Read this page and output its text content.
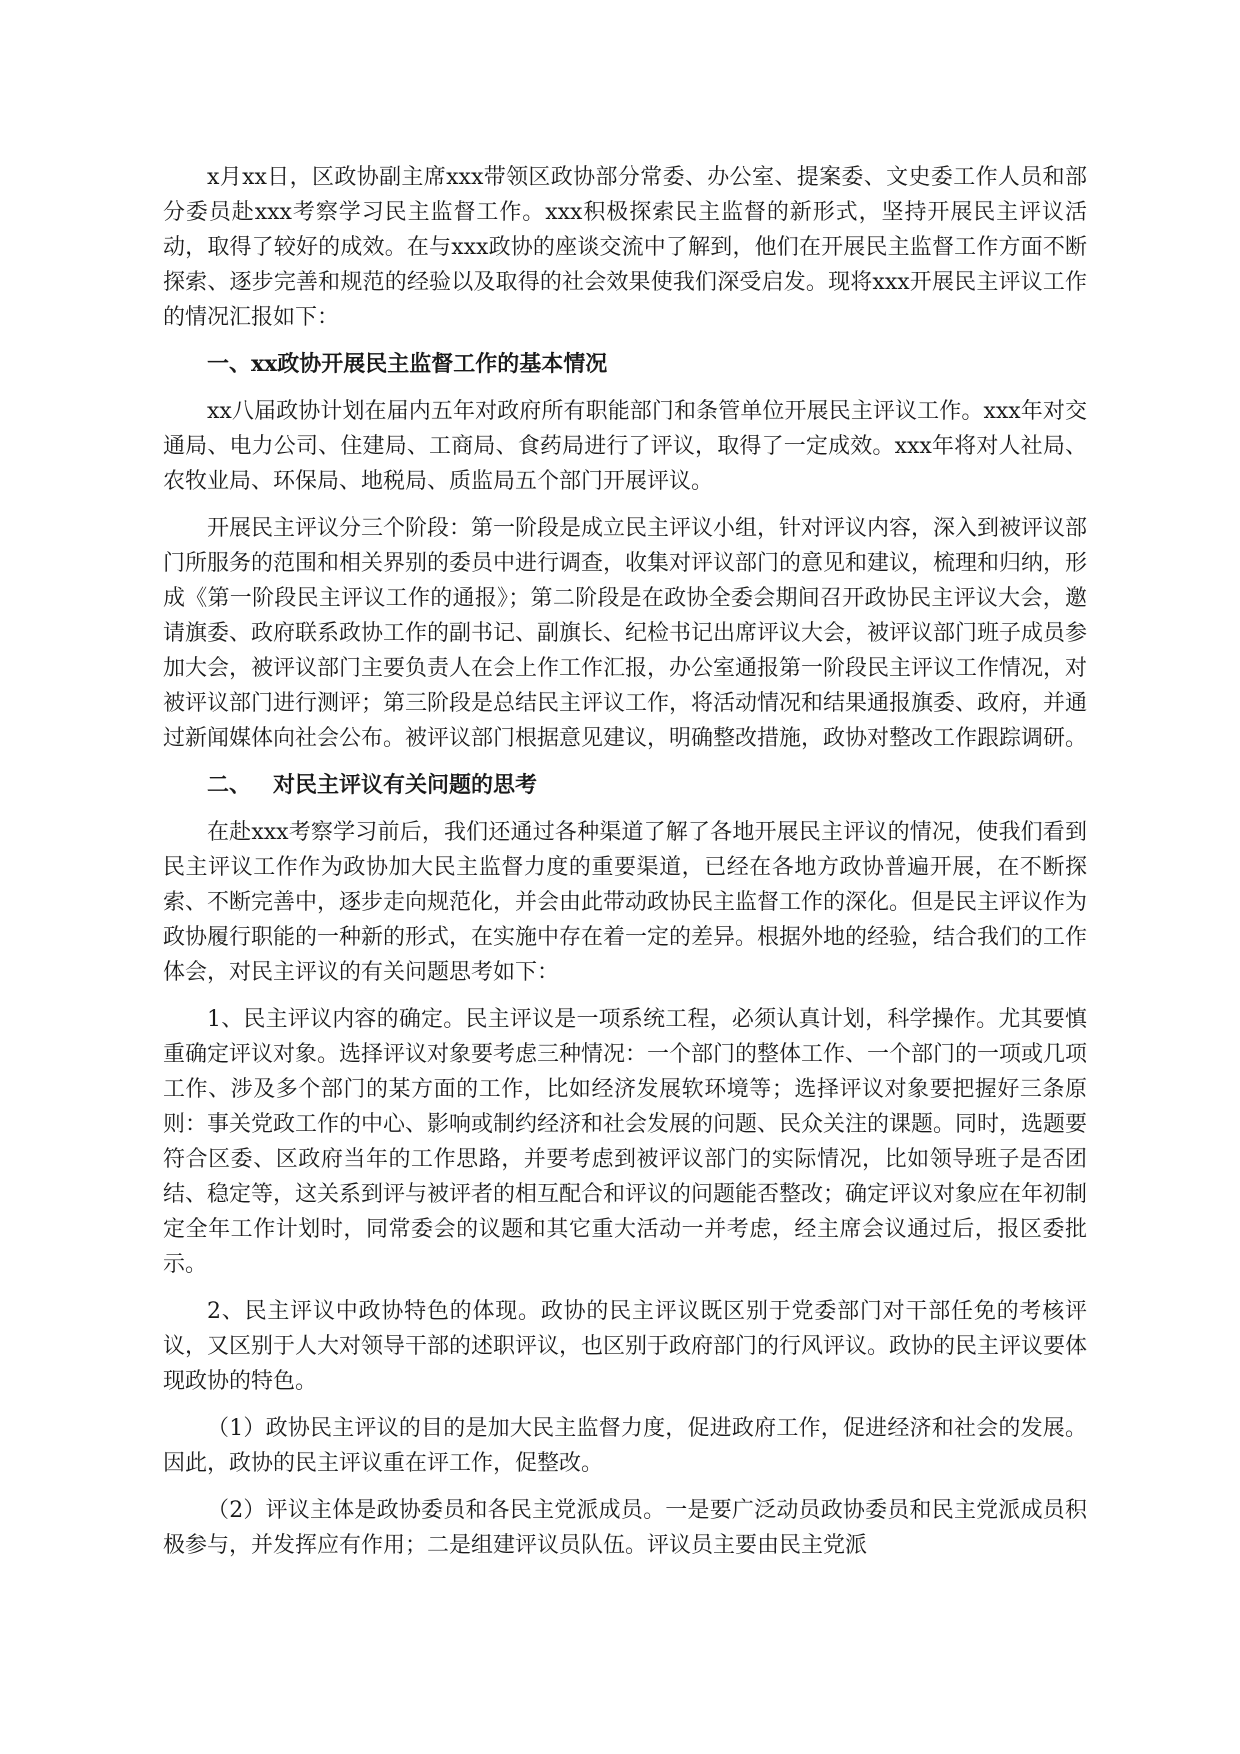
x月xx日，区政协副主席xxx带领区政协部分常委、办公室、提案委、文史委工作人员和部分委员赴xxx考察学习民主监督工作。xxx积极探索民主监督的新形式，坚持开展民主评议活动，取得了较好的成效。在与xxx政协的座谈交流中了解到，他们在开展民主监督工作方面不断探索、逐步完善和规范的经验以及取得的社会效果使我们深受启发。现将xxx开展民主评议工作的情况汇报如下：

一、xx政协开展民主监督工作的基本情况

xx八届政协计划在届内五年对政府所有职能部门和条管单位开展民主评议工作。xxx年对交通局、电力公司、住建局、工商局、食药局进行了评议，取得了一定成效。xxx年将对人社局、农牧业局、环保局、地税局、质监局五个部门开展评议。

开展民主评议分三个阶段：第一阶段是成立民主评议小组，针对评议内容，深入到被评议部门所服务的范围和相关界别的委员中进行调查，收集对评议部门的意见和建议，梳理和归纳，形成《第一阶段民主评议工作的通报》；第二阶段是在政协全委会期间召开政协民主评议大会，邀请旗委、政府联系政协工作的副书记、副旗长、纪检书记出席评议大会，被评议部门班子成员参加大会，被评议部门主要负责人在会上作工作汇报，办公室通报第一阶段民主评议工作情况，对被评议部门进行测评；第三阶段是总结民主评议工作，将活动情况和结果通报旗委、政府，并通过新闻媒体向社会公布。被评议部门根据意见建议，明确整改措施，政协对整改工作跟踪调研。

二、 对民主评议有关问题的思考

在赴xxx考察学习前后，我们还通过各种渠道了解了各地开展民主评议的情况，使我们看到民主评议工作作为政协加大民主监督力度的重要渠道，已经在各地方政协普遍开展，在不断探索、不断完善中，逐步走向规范化，并会由此带动政协民主监督工作的深化。但是民主评议作为政协履行职能的一种新的形式，在实施中存在着一定的差异。根据外地的经验，结合我们的工作体会，对民主评议的有关问题思考如下：

1、民主评议内容的确定。民主评议是一项系统工程，必须认真计划，科学操作。尤其要慎重确定评议对象。选择评议对象要考虑三种情况：一个部门的整体工作、一个部门的一项或几项工作、涉及多个部门的某方面的工作，比如经济发展软环境等；选择评议对象要把握好三条原则：事关党政工作的中心、影响或制约经济和社会发展的问题、民众关注的课题。同时，选题要符合区委、区政府当年的工作思路，并要考虑到被评议部门的实际情况，比如领导班子是否团结、稳定等，这关系到评与被评者的相互配合和评议的问题能否整改；确定评议对象应在年初制定全年工作计划时，同常委会的议题和其它重大活动一并考虑，经主席会议通过后，报区委批示。

2、民主评议中政协特色的体现。政协的民主评议既区别于党委部门对干部任免的考核评议，又区别于人大对领导干部的述职评议，也区别于政府部门的行风评议。政协的民主评议要体现政协的特色。

（1）政协民主评议的目的是加大民主监督力度，促进政府工作，促进经济和社会的发展。因此，政协的民主评议重在评工作，促整改。

（2）评议主体是政协委员和各民主党派成员。一是要广泛动员政协委员和民主党派成员积极参与，并发挥应有作用；二是组建评议员队伍。评议员主要由民主党派
